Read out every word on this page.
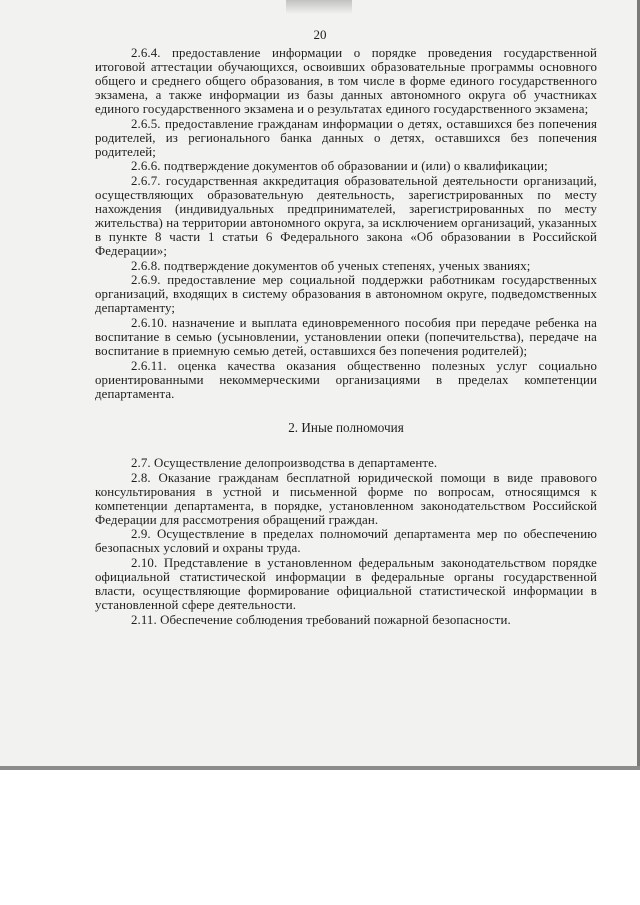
20

2.6.4. предоставление информации о порядке проведения государственной итоговой аттестации обучающихся, освоивших образовательные программы основного общего и среднего общего образования, в том числе в форме единого государственного экзамена, а также информации из базы данных автономного округа об участниках единого государственного экзамена и о результатах единого государственного экзамена;

2.6.5. предоставление гражданам информации о детях, оставшихся без попечения родителей, из регионального банка данных о детях, оставшихся без попечения родителей;

2.6.6. подтверждение документов об образовании и (или) о квалификации;

2.6.7. государственная аккредитация образовательной деятельности организаций, осуществляющих образовательную деятельность, зарегистрированных по месту нахождения (индивидуальных предпринимателей, зарегистрированных по месту жительства) на территории автономного округа, за исключением организаций, указанных в пункте 8 части 1 статьи 6 Федерального закона «Об образовании в Российской Федерации»;

2.6.8. подтверждение документов об ученых степенях, ученых званиях;

2.6.9. предоставление мер социальной поддержки работникам государственных организаций, входящих в систему образования в автономном округе, подведомственных департаменту;

2.6.10. назначение и выплата единовременного пособия при передаче ребенка на воспитание в семью (усыновлении, установлении опеки (попечительства), передаче на воспитание в приемную семью детей, оставшихся без попечения родителей);

2.6.11. оценка качества оказания общественно полезных услуг социально ориентированными некоммерческими организациями в пределах компетенции департамента.

2. Иные полномочия

2.7. Осуществление делопроизводства в департаменте.

2.8. Оказание гражданам бесплатной юридической помощи в виде правового консультирования в устной и письменной форме по вопросам, относящимся к компетенции департамента, в порядке, установленном законодательством Российской Федерации для рассмотрения обращений граждан.

2.9. Осуществление в пределах полномочий департамента мер по обеспечению безопасных условий и охраны труда.

2.10. Представление в установленном федеральным законодательством порядке официальной статистической информации в федеральные органы государственной власти, осуществляющие формирование официальной статистической информации в установленной сфере деятельности.

2.11. Обеспечение соблюдения требований пожарной безопасности.
